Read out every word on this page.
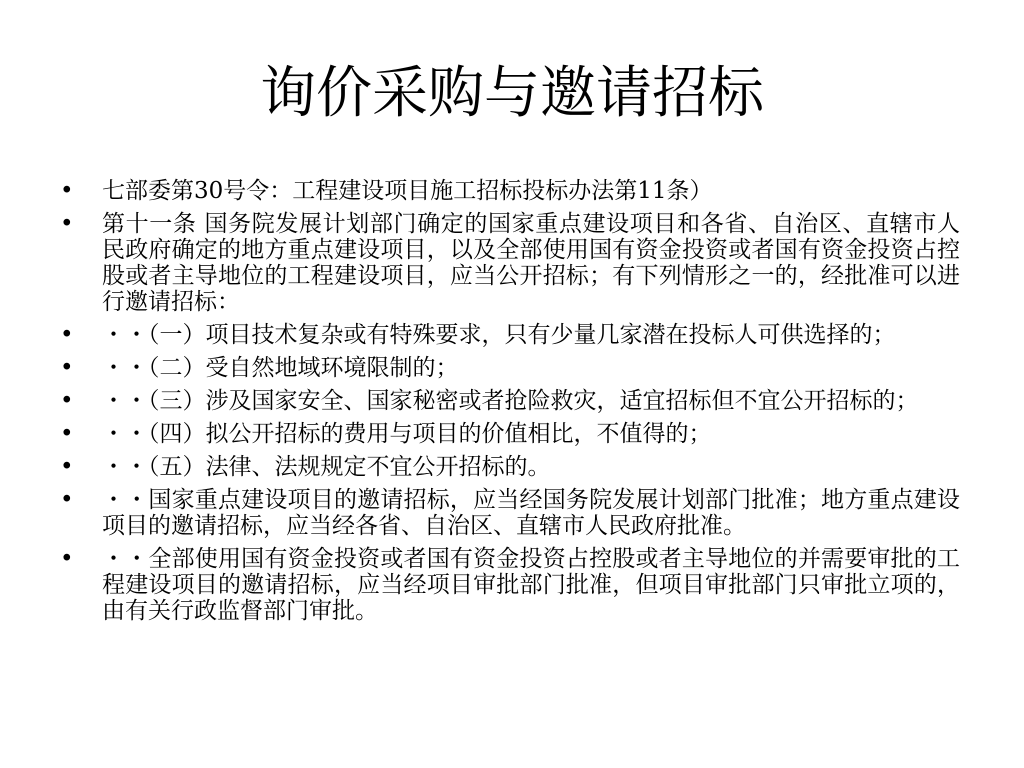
询价采购与邀请招标
• 七部委第30号令：工程建设项目施工招标投标办法第11条）
• 第十一条 国务院发展计划部门确定的国家重点建设项目和各省、自治区、直辖市人民政府确定的地方重点建设项目，以及全部使用国有资金投资或者国有资金投资占控股或者主导地位的工程建设项目，应当公开招标；有下列情形之一的，经批准可以进行邀请招标：
• ・・（一）项目技术复杂或有特殊要求，只有少量几家潜在投标人可供选择的；
• ・・（二）受自然地域环境限制的；
• ・・（三）涉及国家安全、国家秘密或者抢险救灾，适宜招标但不宜公开招标的；
• ・・（四）拟公开招标的费用与项目的价值相比，不值得的；
• ・・（五）法律、法规规定不宜公开招标的。
• ・・国家重点建设项目的邀请招标，应当经国务院发展计划部门批准；地方重点建设项目的邀请招标，应当经各省、自治区、直辖市人民政府批准。
• ・・全部使用国有资金投资或者国有资金投资占控股或者主导地位的并需要审批的工程建设项目的邀请招标，应当经项目审批部门批准，但项目审批部门只审批立项的，由有关行政监督部门审批。
